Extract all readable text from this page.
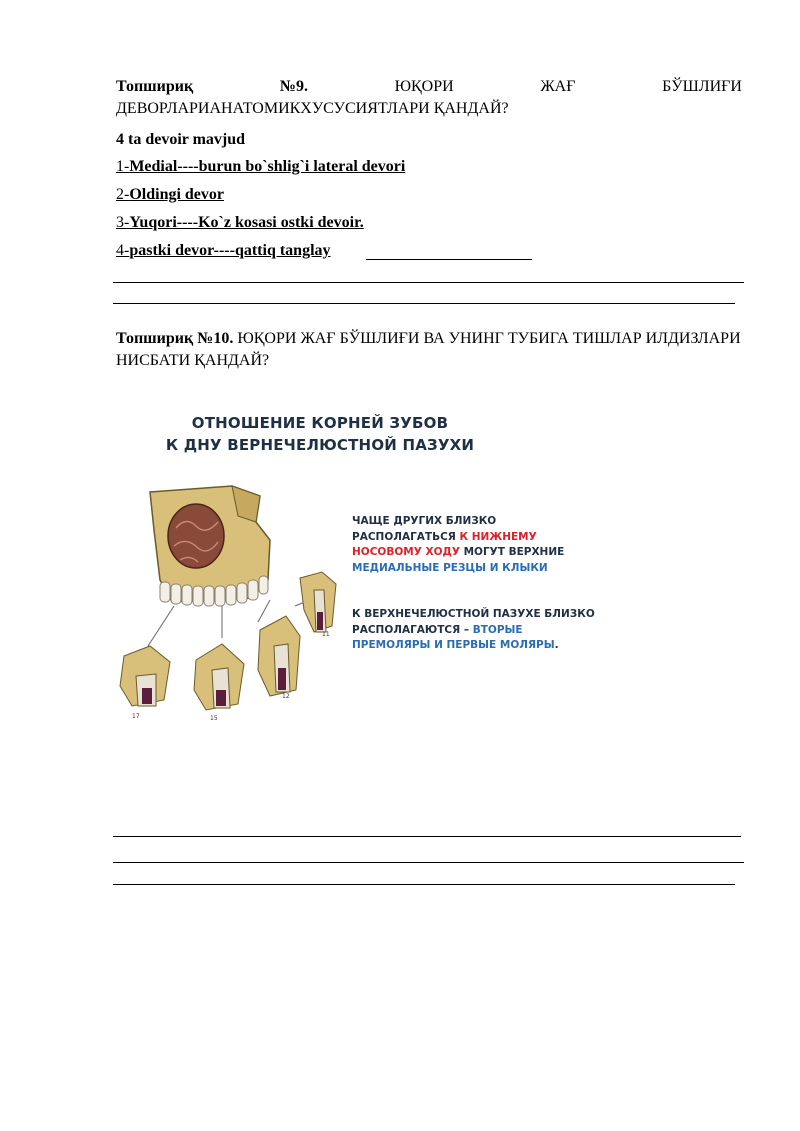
Топшириқ	№9.	ЮҚОРИ	ЖАҒ	БЎШЛИҒИ
ДЕВОРЛАРИАНАТОМИКХУСУСИЯТЛАРИ ҚАНДАЙ?
4 ta devoir mavjud
1-Medial----burun bo`shlig`i lateral devori
2-Oldingi devor
3-Yuqori----Ko`z kosasi ostki devoir.
4-pastki devor----qattiq tanglay
Топшириқ №10. ЮҚОРИ ЖАҒ БЎШЛИҒИ ВА УНИНГ ТУБИГА ТИШЛАР ИЛДИЗЛАРИ НИСБАТИ ҚАНДАЙ?
ОТНОШЕНИЕ КОРНЕЙ ЗУБОВ
К ДНУ ВЕРНЕЧЕЛЮСТНОЙ ПАЗУХИ
17	15
12
11
ЧАЩЕ ДРУГИХ БЛИЗКО РАСПОЛАГАТЬСЯ К НИЖНЕМУ НОСОВОМУ ХОДУ МОГУТ ВЕРХНИЕ МЕДИАЛЬНЫЕ РЕЗЦЫ И КЛЫКИ
К ВЕРХНЕЧЕЛЮСТНОЙ ПАЗУХЕ БЛИЗКО РАСПОЛАГАЮТСЯ – ВТОРЫЕ ПРЕМОЛЯРЫ И ПЕРВЫЕ МОЛЯРЫ.
